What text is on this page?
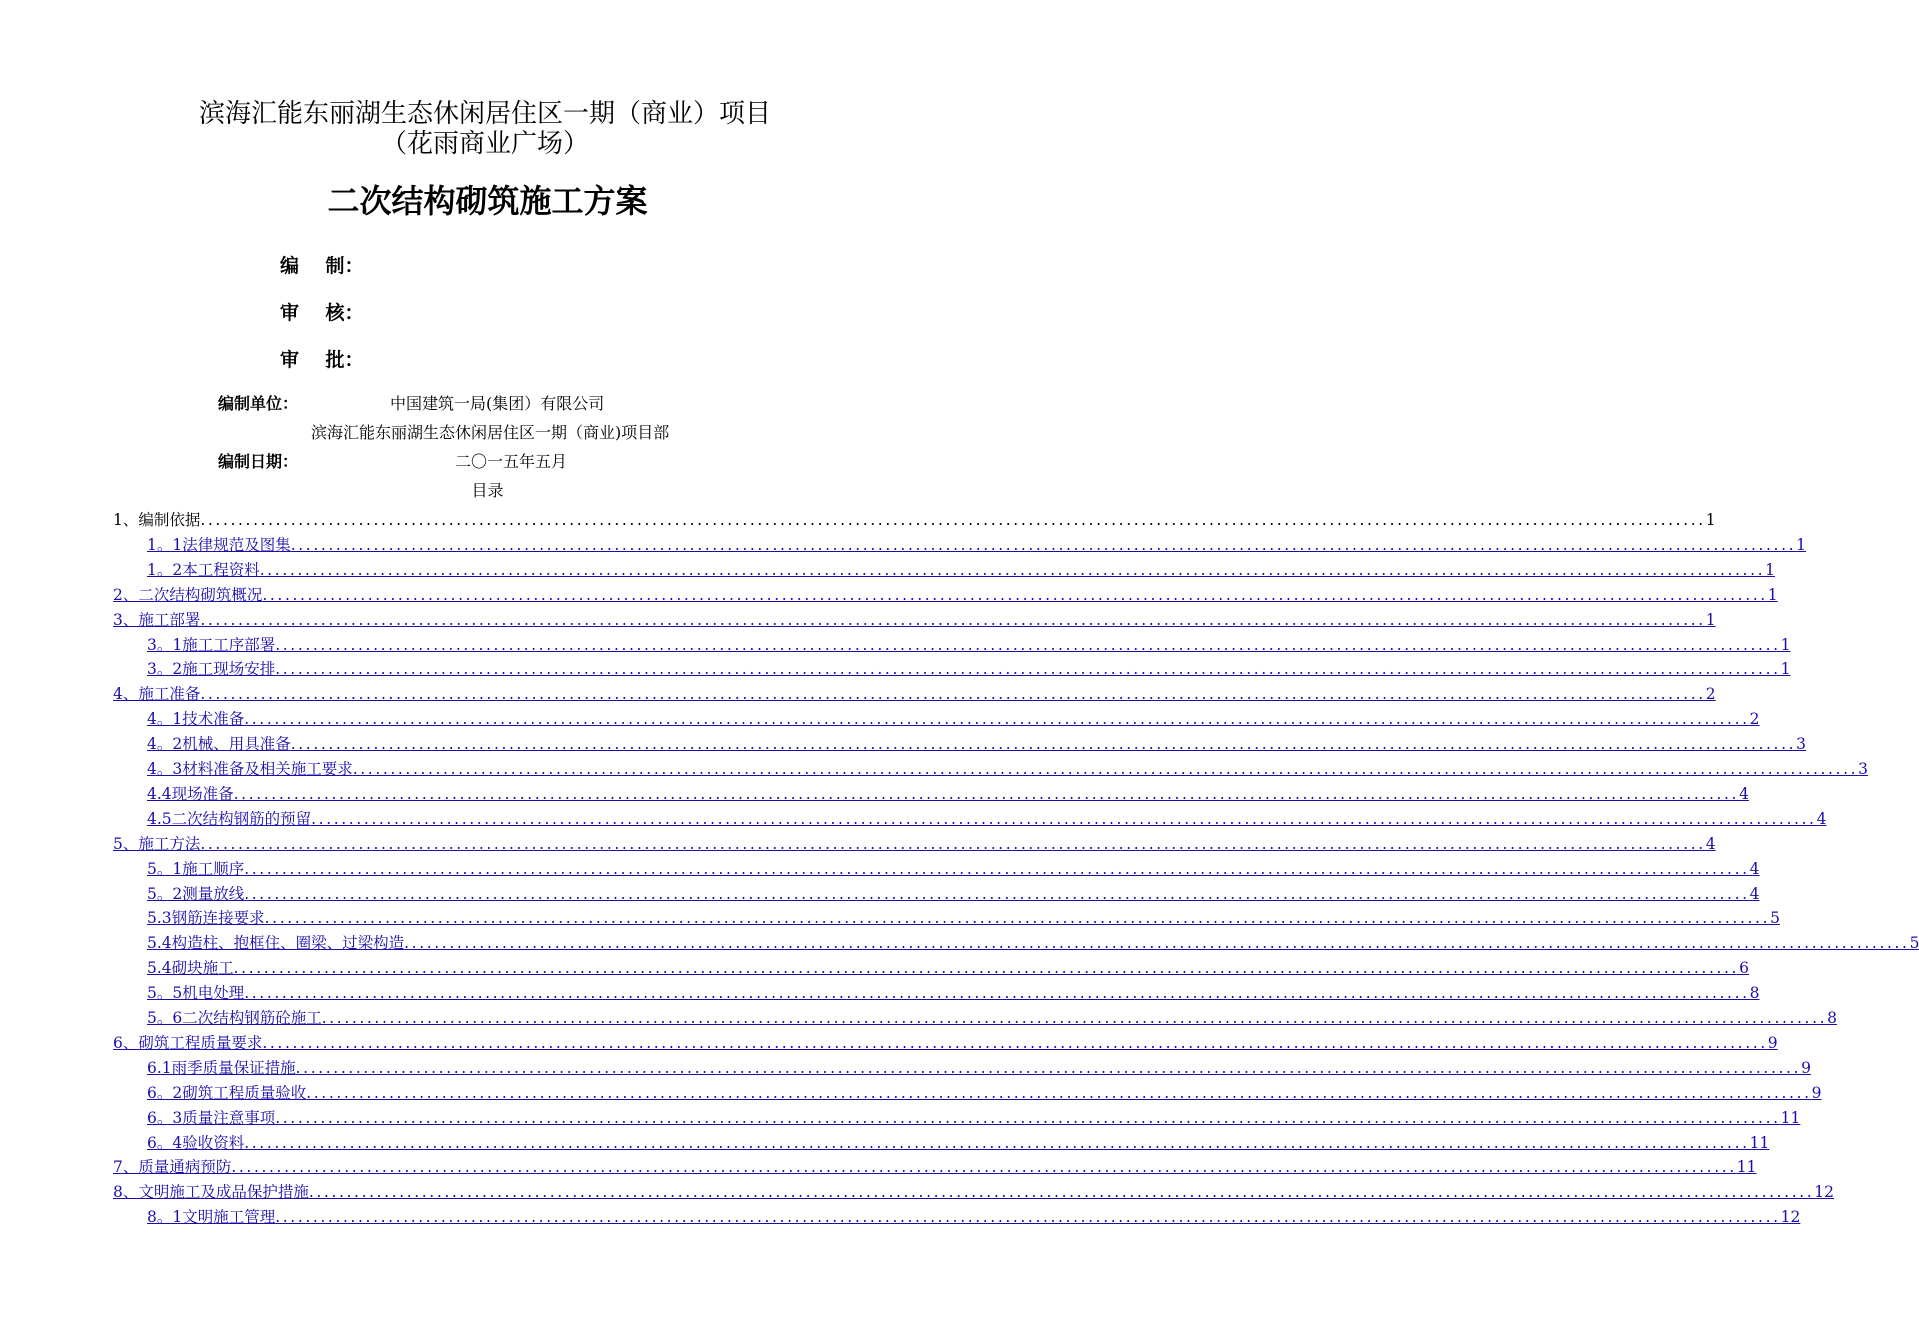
滨海汇能东丽湖生态休闲居住区一期（商业）项目
（花雨商业广场）
二次结构砌筑施工方案
编    制：
审    核：
审    批：
编制单位：	中国建筑一局(集团）有限公司
滨海汇能东丽湖生态休闲居住区一期（商业)项目部
编制日期：	二〇一五年五月
目录
1、编制依据 ........................................................................................................................................................................................................ 1
1。1法律规范及图集 ........................................................................................................................................................................................................ 1
1。2本工程资料 ........................................................................................................................................................................................................ 1
2、二次结构砌筑概况 ........................................................................................................................................................................................................ 1
3、施工部署 ........................................................................................................................................................................................................ 1
3。1施工工序部署 ........................................................................................................................................................................................................ 1
3。2施工现场安排 ........................................................................................................................................................................................................ 1
4、施工准备 ........................................................................................................................................................................................................ 2
4。1技术准备 ........................................................................................................................................................................................................ 2
4。2机械、用具准备 ........................................................................................................................................................................................................ 3
4。3材料准备及相关施工要求 ........................................................................................................................................................................................................ 3
4.4现场准备 ........................................................................................................................................................................................................ 4
4.5二次结构钢筋的预留 ........................................................................................................................................................................................................ 4
5、施工方法 ........................................................................................................................................................................................................ 4
5。1施工顺序 ........................................................................................................................................................................................................ 4
5。2测量放线 ........................................................................................................................................................................................................ 4
5.3钢筋连接要求 ........................................................................................................................................................................................................ 5
5.4构造柱、抱框住、圈梁、过梁构造 ........................................................................................................................................................................................................ 5
5.4砌块施工 ........................................................................................................................................................................................................ 6
5。5机电处理 ........................................................................................................................................................................................................ 8
5。6二次结构钢筋砼施工 ........................................................................................................................................................................................................ 8
6、砌筑工程质量要求 ........................................................................................................................................................................................................ 9
6.1雨季质量保证措施 ........................................................................................................................................................................................................ 9
6。2砌筑工程质量验收 ........................................................................................................................................................................................................ 9
6。3质量注意事项 ........................................................................................................................................................................................................ 11
6。4验收资料 ........................................................................................................................................................................................................ 11
7、质量通病预防 ........................................................................................................................................................................................................ 11
8、文明施工及成品保护措施 ........................................................................................................................................................................................................ 12
8。1文明施工管理 ........................................................................................................................................................................................................ 12
